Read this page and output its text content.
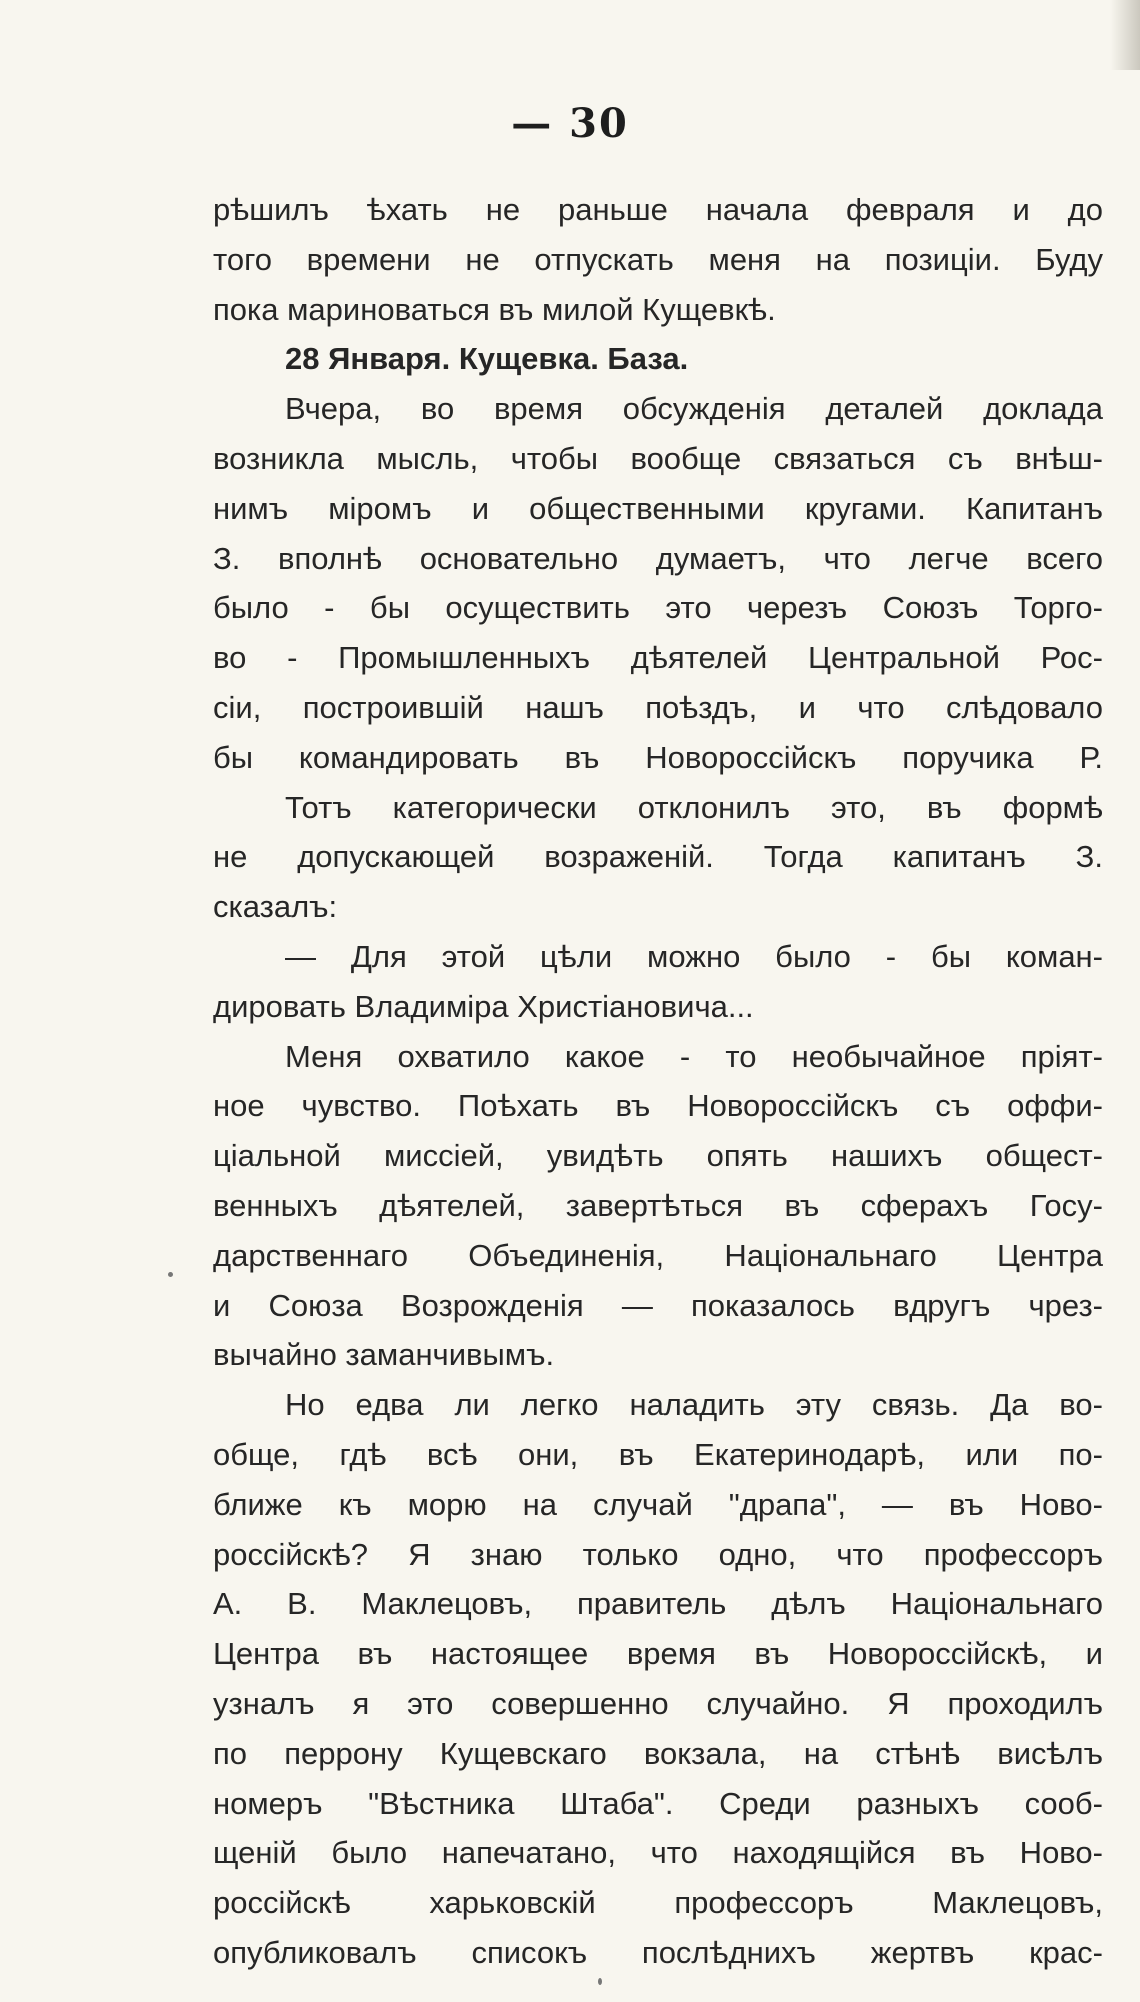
— 30
рѣшилъ ѣхать не раньше начала февраля и до
того времени не отпускать меня на позиціи. Буду
пока мариноваться въ милой Кущевкѣ.
28 Января. Кущевка. База.
Вчера, во время обсужденія деталей доклада
возникла мысль, чтобы вообще связаться съ внѣш-
нимъ міромъ и общественными кругами. Капитанъ
З. вполнѣ основательно думаетъ, что легче всего
было - бы осуществить это черезъ Союзъ Торго-
во - Промышленныхъ дѣятелей Центральной Рос-
сіи, построившій нашъ поѣздъ, и что слѣдовало
бы командировать въ Новороссійскъ поручика Р.
Тотъ категорически отклонилъ это, въ формѣ
не допускающей возраженій. Тогда капитанъ З.
сказалъ:
— Для этой цѣли можно было - бы коман-
дировать Владиміра Христіановича...
Меня охватило какое - то необычайное пріят-
ное чувство. Поѣхать въ Новороссійскъ съ оффи-
ціальной миссіей, увидѣть опять нашихъ общест-
венныхъ дѣятелей, завертѣться въ сферахъ Госу-
дарственнаго Объединенія, Національнаго Центра
и Союза Возрожденія — показалось вдругъ чрез-
вычайно заманчивымъ.
Но едва ли легко наладить эту связь. Да во-
обще, гдѣ всѣ они, въ Екатеринодарѣ, или по-
ближе къ морю на случай "драпа", — въ Ново-
россійскѣ? Я знаю только одно, что профессоръ
А. В. Маклецовъ, правитель дѣлъ Національнаго
Центра въ настоящее время въ Новороссійскѣ, и
узналъ я это совершенно случайно. Я проходилъ
по перрону Кущевскаго вокзала, на стѣнѣ висѣлъ
номеръ "Вѣстника Штаба". Среди разныхъ сооб-
щеній было напечатано, что находящійся въ Ново-
россійскѣ харьковскій профессоръ Маклецовъ,
опубликовалъ списокъ послѣднихъ жертвъ крас-
